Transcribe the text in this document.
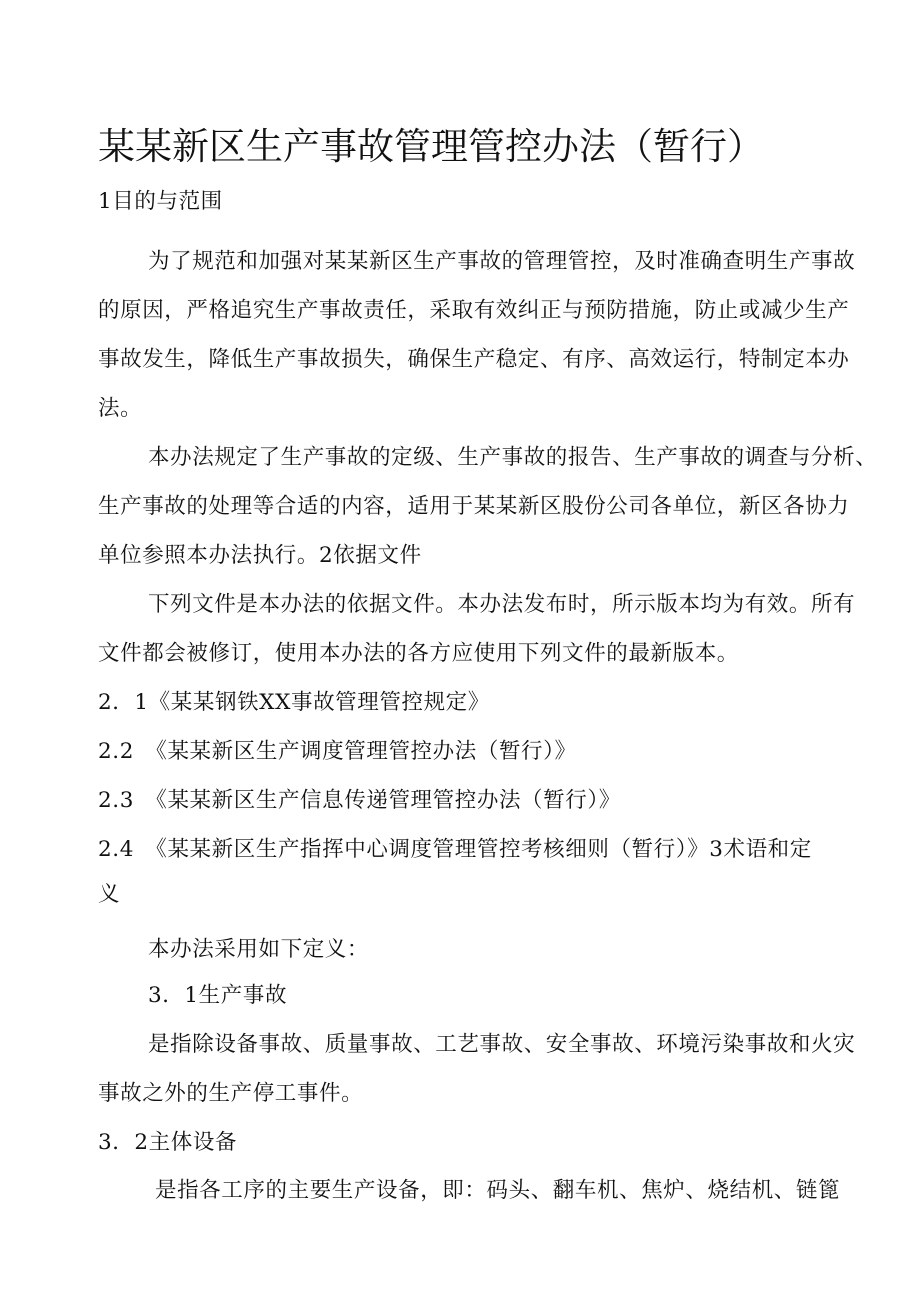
某某新区生产事故管理管控办法（暂行）
1目的与范围
为了规范和加强对某某新区生产事故的管理管控，及时准确查明生产事故
的原因，严格追究生产事故责任，采取有效纠正与预防措施，防止或减少生产
事故发生，降低生产事故损失，确保生产稳定、有序、高效运行，特制定本办
法。
本办法规定了生产事故的定级、生产事故的报告、生产事故的调查与分析、
生产事故的处理等合适的内容，适用于某某新区股份公司各单位，新区各协力
单位参照本办法执行。2依据文件
下列文件是本办法的依据文件。本办法发布时，所示版本均为有效。所有
文件都会被修订，使用本办法的各方应使用下列文件的最新版本。
2．1《某某钢铁XX事故管理管控规定》
2.2　《某某新区生产调度管理管控办法（暂行）》
2.3　《某某新区生产信息传递管理管控办法（暂行）》
2.4　《某某新区生产指挥中心调度管理管控考核细则（暂行）》3术语和定
义
本办法采用如下定义：
3．1生产事故
是指除设备事故、质量事故、工艺事故、安全事故、环境污染事故和火灾
事故之外的生产停工事件。
3．2主体设备
是指各工序的主要生产设备，即：码头、翻车机、焦炉、烧结机、链篦
